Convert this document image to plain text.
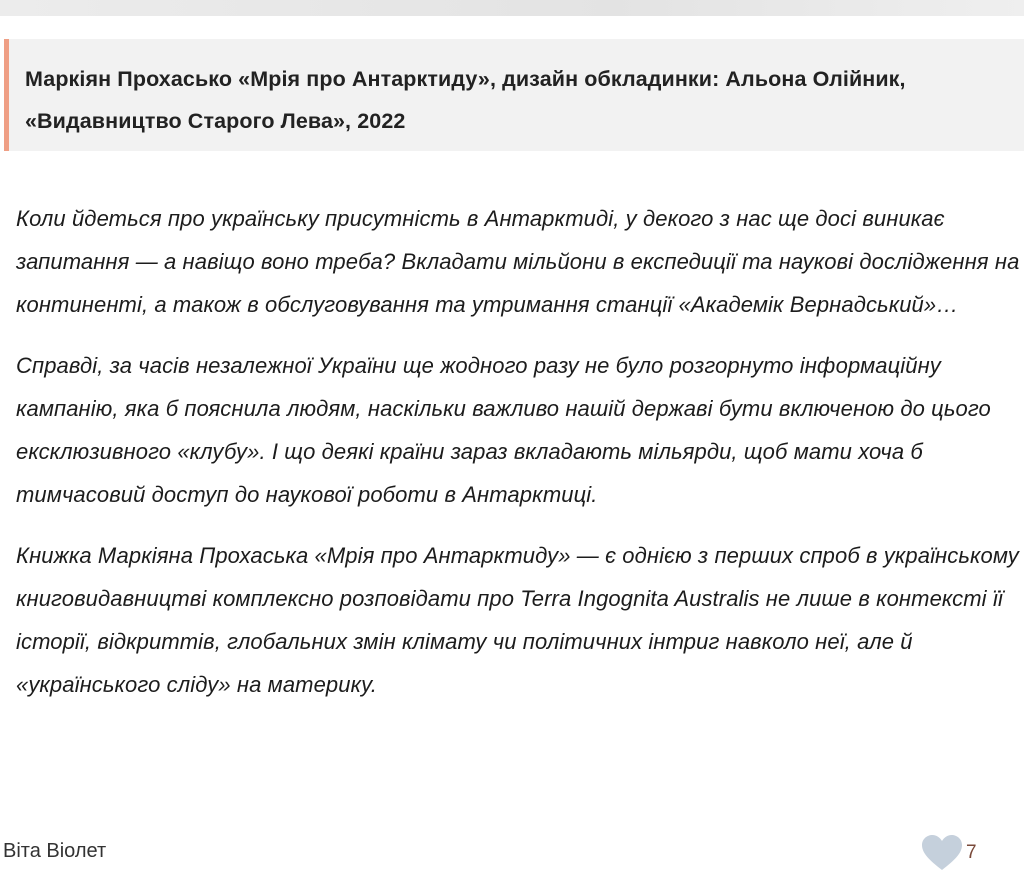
Маркіян Прохасько «Мрія про Антарктиду», дизайн обкладинки: Альона Олійник, «Видавництво Старого Лева», 2022

Коли йдеться про українську присутність в Антарктиді, у декого з нас ще досі виникає запитання — а навіщо воно треба? Вкладати мільйони в експедиції та наукові дослідження на континенті, а також в обслуговування та утримання станції «Академік Вернадський»…

Справді, за часів незалежної України ще жодного разу не було розгорнуто інформаційну кампанію, яка б пояснила людям, наскільки важливо нашій державі бути включеною до цього ексклюзивного «клубу». І що деякі країни зараз вкладають мільярди, щоб мати хоча б тимчасовий доступ до наукової роботи в Антарктиці.

Книжка Маркіяна Прохаська «Мрія про Антарктиду» — є однією з перших спроб в українському книговидавництві комплексно розповідати про Terra Ingognita Australis не лише в контексті її історії, відкриттів, глобальних змін клімату чи політичних інтриг навколо неї, але й «українського сліду» на материку.

Віта Віолет	7
